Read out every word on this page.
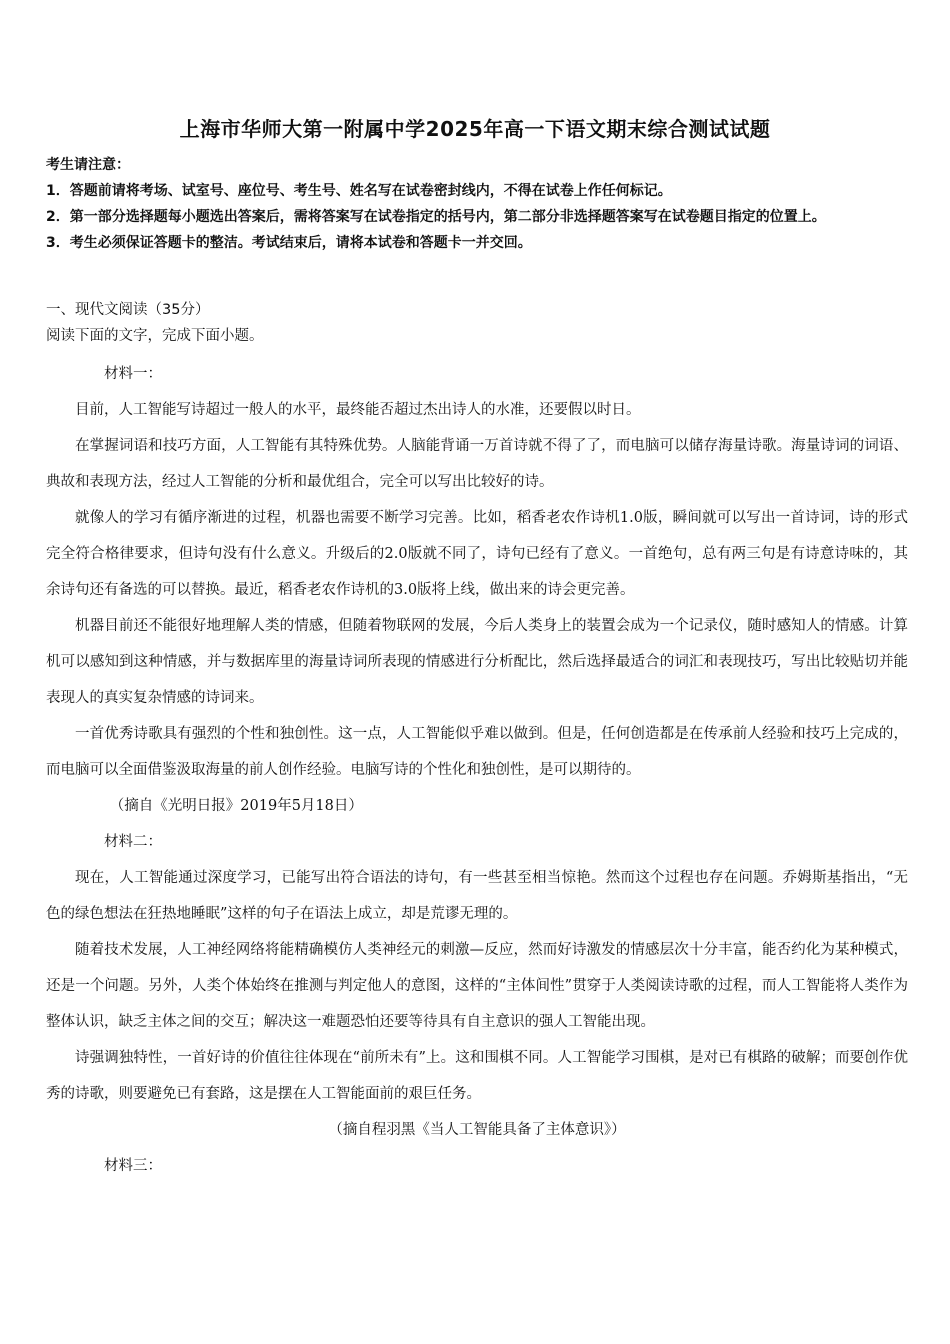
上海市华师大第一附属中学2025年高一下语文期末综合测试试题
考生请注意：
1．答题前请将考场、试室号、座位号、考生号、姓名写在试卷密封线内，不得在试卷上作任何标记。
2．第一部分选择题每小题选出答案后，需将答案写在试卷指定的括号内，第二部分非选择题答案写在试卷题目指定的位置上。
3．考生必须保证答题卡的整洁。考试结束后，请将本试卷和答题卡一并交回。
一、现代文阅读（35分）
阅读下面的文字，完成下面小题。

材料一：

目前，人工智能写诗超过一般人的水平，最终能否超过杰出诗人的水准，还要假以时日。

在掌握词语和技巧方面，人工智能有其特殊优势。人脑能背诵一万首诗就不得了了，而电脑可以储存海量诗歌。海量诗词的词语、典故和表现方法，经过人工智能的分析和最优组合，完全可以写出比较好的诗。

就像人的学习有循序渐进的过程，机器也需要不断学习完善。比如，稻香老农作诗机1.0版，瞬间就可以写出一首诗词，诗的形式完全符合格律要求，但诗句没有什么意义。升级后的2.0版就不同了，诗句已经有了意义。一首绝句，总有两三句是有诗意诗味的，其余诗句还有备选的可以替换。最近，稻香老农作诗机的3.0版将上线，做出来的诗会更完善。

机器目前还不能很好地理解人类的情感，但随着物联网的发展，今后人类身上的装置会成为一个记录仪，随时感知人的情感。计算机可以感知到这种情感，并与数据库里的海量诗词所表现的情感进行分析配比，然后选择最适合的词汇和表现技巧，写出比较贴切并能表现人的真实复杂情感的诗词来。

一首优秀诗歌具有强烈的个性和独创性。这一点，人工智能似乎难以做到。但是，任何创造都是在传承前人经验和技巧上完成的，而电脑可以全面借鉴汲取海量的前人创作经验。电脑写诗的个性化和独创性，是可以期待的。

（摘自《光明日报》2019年5月18日）

材料二：

现在，人工智能通过深度学习，已能写出符合语法的诗句，有一些甚至相当惊艳。然而这个过程也存在问题。乔姆斯基指出，“无色的绿色想法在狂热地睡眠”这样的句子在语法上成立，却是荒谬无理的。

随着技术发展，人工神经网络将能精确模仿人类神经元的刺激—反应，然而好诗激发的情感层次十分丰富，能否约化为某种模式，还是一个问题。另外，人类个体始终在推测与判定他人的意图，这样的“主体间性”贯穿于人类阅读诗歌的过程，而人工智能将人类作为整体认识，缺乏主体之间的交互；解决这一难题恐怕还要等待具有自主意识的强人工智能出现。

诗强调独特性，一首好诗的价值往往体现在“前所未有”上。这和围棋不同。人工智能学习围棋，是对已有棋路的破解；而要创作优秀的诗歌，则要避免已有套路，这是摆在人工智能面前的艰巨任务。

（摘自程羽黑《当人工智能具备了主体意识》）

材料三：
